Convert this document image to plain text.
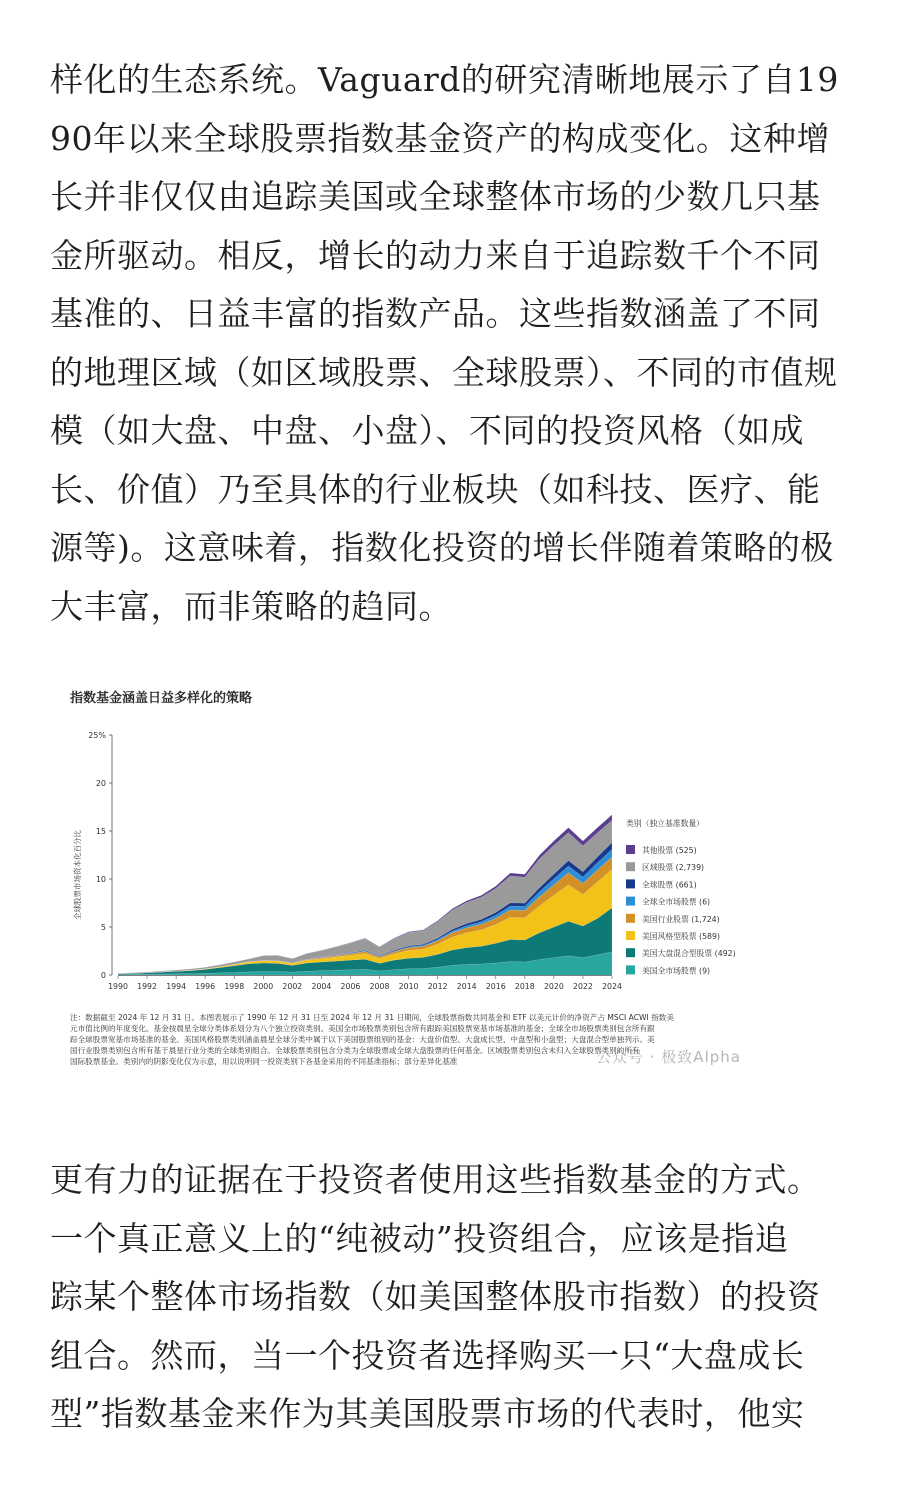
样化的生态系统。Vaguard的研究清晰地展示了自19
90年以来全球股票指数基金资产的构成变化。这种增
长并非仅仅由追踪美国或全球整体市场的少数几只基
金所驱动。相反，增长的动力来自于追踪数千个不同
基准的、日益丰富的指数产品。这些指数涵盖了不同
的地理区域（如区域股票、全球股票）、不同的市值规
模（如大盘、中盘、小盘）、不同的投资风格（如成
长、价值）乃至具体的行业板块（如科技、医疗、能
源等)。这意味着，指数化投资的增长伴随着策略的极
大丰富，而非策略的趋同。
指数基金涵盖日益多样化的策略
0
5
10
15
20
25%
全球股票市场资本化百分比
1990 1992 1994 1996 1998 2000 2002 2004 2006 2008 2010 2012 2014 2016 2018 2020 2022 2024
类别（独立基准数量）
其他股票 (525)
区域股票 (2,739)
全球股票 (661)
全球全市场股票 (6)
美国行业股票 (1,724)
美国风格型股票 (589)
美国大盘混合型股票 (492)
美国全市场股票 (9)
注：数据截至 2024 年 12 月 31 日。本图表展示了 1990 年 12 月 31 日至 2024 年 12 月 31 日期间，全球股票指数共同基金和 ETF 以美元计价的净资产占 MSCI ACWI 指数美
元市值比例的年度变化。基金按晨星全球分类体系划分为八个独立投资类别。美国全市场股票类别包含所有跟踪美国股票宽基市场基准的基金；全球全市场股票类别包含所有跟
踪全球股票宽基市场基准的基金。美国风格股票类别涵盖晨星全球分类中属于以下美国股票组别的基金：大盘价值型、大盘成长型、中盘型和小盘型；大盘混合型单独列示。美
国行业股票类别包含所有基于晨星行业分类的全球类别组合。全球股票类别包含分类为全球股票或全球大盘股票的任何基金。区域股票类别包含未归入全球股票类别的所有
国际股票基金。类别内的阴影变化仅为示意，用以说明同一投资类别下各基金采用的不同基准指标；部分差异化基准	公众号 · 极致Alpha
更有力的证据在于投资者使用这些指数基金的方式。
一个真正意义上的“纯被动”投资组合，应该是指追
踪某个整体市场指数（如美国整体股市指数）的投资
组合。然而，当一个投资者选择购买一只“大盘成长
型”指数基金来作为其美国股票市场的代表时，他实
